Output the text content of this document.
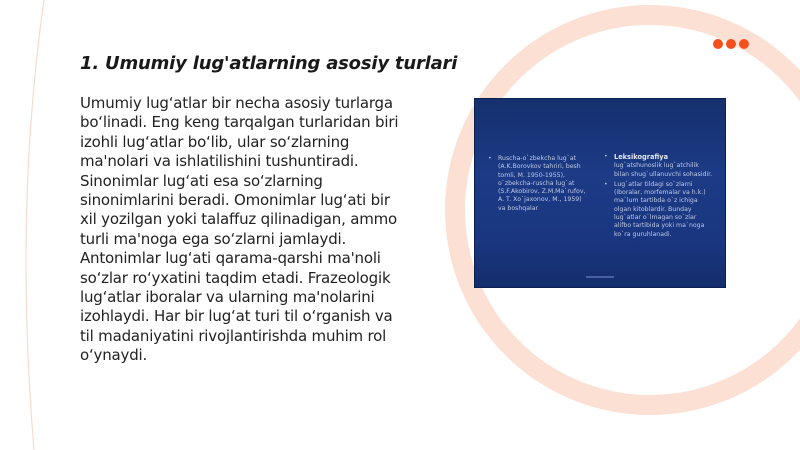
1. Umumiy lug'atlarning asosiy turlari

Umumiy lug‘atlar bir necha asosiy turlarga bo‘linadi. Eng keng tarqalgan turlaridan biri izohli lug‘atlar bo‘lib, ular so‘zlarning ma'nolari va ishlatilishini tushuntiradi. Sinonimlar lug‘ati esa so‘zlarning sinonimlarini beradi. Omonimlar lug‘ati bir xil yozilgan yoki talaffuz qilinadigan, ammo turli ma'noga ega so‘zlarni jamlaydi. Antonimlar lug‘ati qarama-qarshi ma'noli so‘zlar ro‘yxatini taqdim etadi. Frazeologik lug‘atlar iboralar va ularning ma'nolarini izohlaydi. Har bir lug‘at turi til o‘rganish va til madaniyatini rivojlantirishda muhim rol o‘ynaydi.

•	Ruscha-o`zbekcha lug`at (A.K.Borovkov tahriri, besh tomli, M. 1950-1955), o`zbekcha-ruscha lug`at (S.F.Akobirov, Z.M.Ma`rufov, A. T. Xo`jaxonov, M., 1959) va boshqalar
• Leksikografiya
lug`atshunoslik lug`atchilik bilan shug`ullanuvchi sohasidir.
•	Lug`atlar tildagi so`zlarni (iboralar, morfemalar va h.k.) ma`lum tartibda o`z ichiga olgan kitoblardir. Bunday lug`atlar o`lmagan so`zlar alifbo tartibida yoki ma`noga ko`ra guruhlanadi.
